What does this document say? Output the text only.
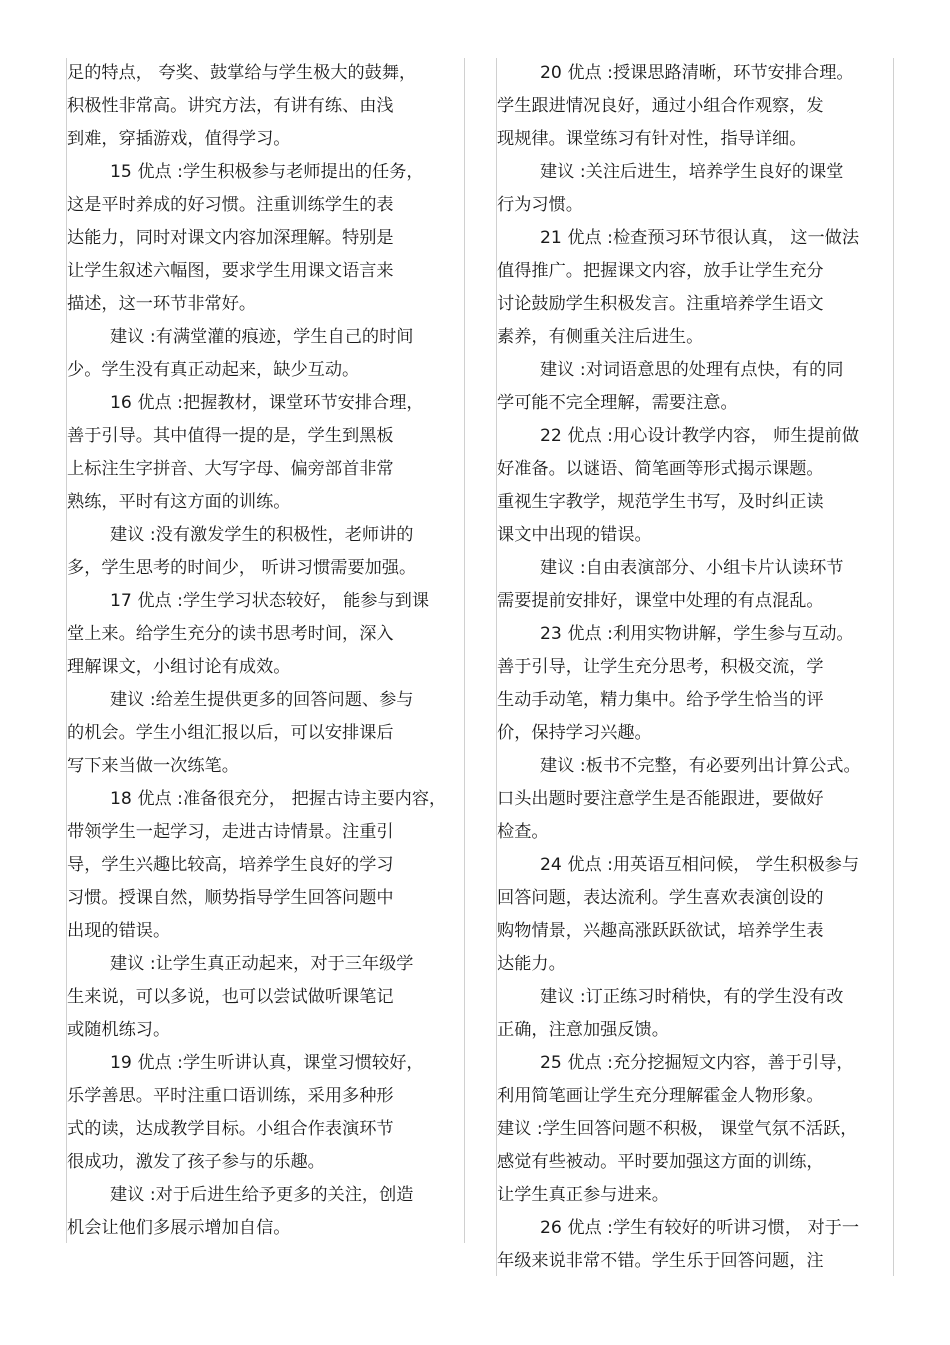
足的特点， 夸奖、鼓掌给与学生极大的鼓舞，
积极性非常高。讲究方法，有讲有练、由浅
到难，穿插游戏，值得学习。
15 优点 :学生积极参与老师提出的任务，
这是平时养成的好习惯。注重训练学生的表
达能力，同时对课文内容加深理解。特别是
让学生叙述六幅图，要求学生用课文语言来
描述，这一环节非常好。
建议 :有满堂灌的痕迹，学生自己的时间
少。学生没有真正动起来，缺少互动。
16 优点 :把握教材，课堂环节安排合理，
善于引导。其中值得一提的是，学生到黑板
上标注生字拼音、大写字母、偏旁部首非常
熟练，平时有这方面的训练。
建议 :没有激发学生的积极性，老师讲的
多，学生思考的时间少， 听讲习惯需要加强。
17 优点 :学生学习状态较好， 能参与到课
堂上来。给学生充分的读书思考时间，深入
理解课文，小组讨论有成效。
建议 :给差生提供更多的回答问题、参与
的机会。学生小组汇报以后，可以安排课后
写下来当做一次练笔。
18 优点 :准备很充分， 把握古诗主要内容，
带领学生一起学习，走进古诗情景。注重引
导，学生兴趣比较高，培养学生良好的学习
习惯。授课自然，顺势指导学生回答问题中
出现的错误。
建议 :让学生真正动起来，对于三年级学
生来说，可以多说，也可以尝试做听课笔记
或随机练习。
19 优点 :学生听讲认真，课堂习惯较好，
乐学善思。平时注重口语训练，采用多种形
式的读，达成教学目标。小组合作表演环节
很成功，激发了孩子参与的乐趣。
建议 :对于后进生给予更多的关注，创造
机会让他们多展示增加自信。
20 优点 :授课思路清晰，环节安排合理。
学生跟进情况良好，通过小组合作观察，发
现规律。课堂练习有针对性，指导详细。
建议 :关注后进生，培养学生良好的课堂
行为习惯。
21 优点 :检查预习环节很认真， 这一做法
值得推广。把握课文内容，放手让学生充分
讨论鼓励学生积极发言。注重培养学生语文
素养，有侧重关注后进生。
建议 :对词语意思的处理有点快，有的同
学可能不完全理解，需要注意。
22 优点 :用心设计教学内容， 师生提前做
好准备。以谜语、简笔画等形式揭示课题。
重视生字教学，规范学生书写，及时纠正读
课文中出现的错误。
建议 :自由表演部分、小组卡片认读环节
需要提前安排好，课堂中处理的有点混乱。
23 优点 :利用实物讲解，学生参与互动。
善于引导，让学生充分思考，积极交流，学
生动手动笔，精力集中。给予学生恰当的评
价，保持学习兴趣。
建议 :板书不完整，有必要列出计算公式。
口头出题时要注意学生是否能跟进，要做好
检查。
24 优点 :用英语互相问候， 学生积极参与
回答问题，表达流利。学生喜欢表演创设的
购物情景，兴趣高涨跃跃欲试，培养学生表
达能力。
建议 :订正练习时稍快，有的学生没有改
正确，注意加强反馈。
25 优点 :充分挖掘短文内容，善于引导，
利用简笔画让学生充分理解霍金人物形象。
建议 :学生回答问题不积极， 课堂气氛不活跃，
感觉有些被动。平时要加强这方面的训练，
让学生真正参与进来。
26 优点 :学生有较好的听讲习惯， 对于一
年级来说非常不错。学生乐于回答问题，注
